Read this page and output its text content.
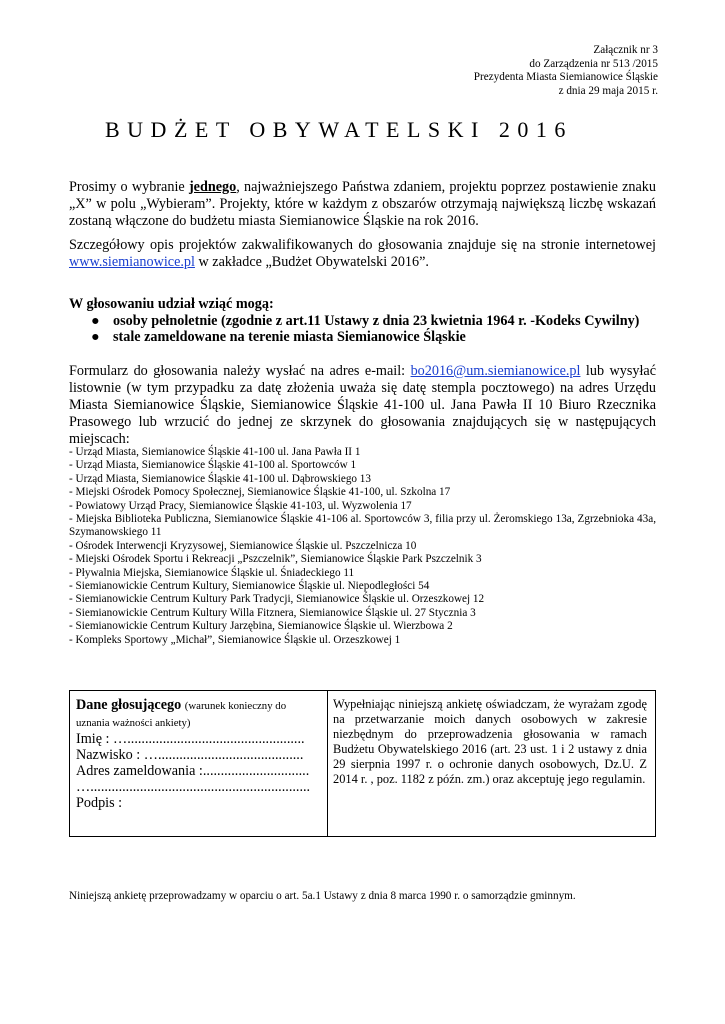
Załącznik nr 3
do Zarządzenia nr 513 /2015
Prezydenta Miasta Siemianowice Śląskie
z dnia 29 maja 2015 r.
BUDŻET OBYWATELSKI 2016
Prosimy o wybranie jednego, najważniejszego Państwa zdaniem, projektu poprzez postawienie znaku „X” w polu „Wybieram”. Projekty, które w każdym z obszarów otrzymają największą liczbę wskazań zostaną włączone do budżetu miasta Siemianowice Śląskie na rok 2016.
Szczegółowy opis projektów zakwalifikowanych do głosowania znajduje się na stronie internetowej www.siemianowice.pl w zakładce „Budżet Obywatelski 2016”.
W głosowaniu udział wziąć mogą:
● osoby pełnoletnie (zgodnie z art.11 Ustawy z dnia 23 kwietnia 1964 r. -Kodeks Cywilny)
● stale zameldowane na terenie miasta Siemianowice Śląskie
Formularz do głosowania należy wysłać na adres e-mail: bo2016@um.siemianowice.pl lub wysyłać listownie (w tym przypadku za datę złożenia uważa się datę stempla pocztowego) na adres Urzędu Miasta Siemianowice Śląskie, Siemianowice Śląskie 41-100 ul. Jana Pawła II 10 Biuro Rzecznika Prasowego lub wrzucić do jednej ze skrzynek do głosowania znajdujących się w następujących miejscach:
- Urząd Miasta, Siemianowice Śląskie 41-100 ul. Jana Pawła II 1
- Urząd Miasta, Siemianowice Śląskie 41-100 al. Sportowców 1
- Urząd Miasta, Siemianowice Śląskie 41-100 ul. Dąbrowskiego 13
- Miejski Ośrodek Pomocy Społecznej, Siemianowice Śląskie 41-100, ul. Szkolna 17
- Powiatowy Urząd Pracy, Siemianowice Śląskie 41-103, ul. Wyzwolenia 17
- Miejska Biblioteka Publiczna, Siemianowice Śląskie 41-106 al. Sportowców 3, filia przy ul. Żeromskiego 13a, Zgrzebnioka 43a, Szymanowskiego 11
- Ośrodek Interwencji Kryzysowej, Siemianowice Śląskie ul. Pszczelnicza 10
- Miejski Ośrodek Sportu i Rekreacji „Pszczelnik”, Siemianowice Śląskie Park Pszczelnik 3
- Pływalnia Miejska, Siemianowice Śląskie ul. Śniadeckiego 11
- Siemianowickie Centrum Kultury, Siemianowice Śląskie ul. Niepodległości 54
- Siemianowickie Centrum Kultury Park Tradycji, Siemianowice Śląskie ul. Orzeszkowej 12
- Siemianowickie Centrum Kultury Willa Fitznera, Siemianowice Śląskie ul. 27 Stycznia 3
- Siemianowickie Centrum Kultury Jarzębina, Siemianowice Śląskie ul. Wierzbowa 2
- Kompleks Sportowy „Michał”, Siemianowice Śląskie ul. Orzeszkowej 1
Dane głosującego (warunek konieczny do uznania ważności ankiety)
Imię : …..................................................
Nazwisko : ….........................................
Adres zameldowania :..............................
…..............................................................
Podpis :
Wypełniając niniejszą ankietę oświadczam, że wyrażam zgodę na przetwarzanie moich danych osobowych w zakresie niezbędnym do przeprowadzenia głosowania w ramach Budżetu Obywatelskiego 2016 (art. 23 ust. 1 i 2 ustawy z dnia 29 sierpnia 1997 r. o ochronie danych osobowych, Dz.U. Z 2014 r. , poz. 1182 z późn. zm.) oraz akceptuję jego regulamin.
Niniejszą ankietę przeprowadzamy w oparciu o art. 5a.1 Ustawy z dnia 8 marca 1990 r. o samorządzie gminnym.
